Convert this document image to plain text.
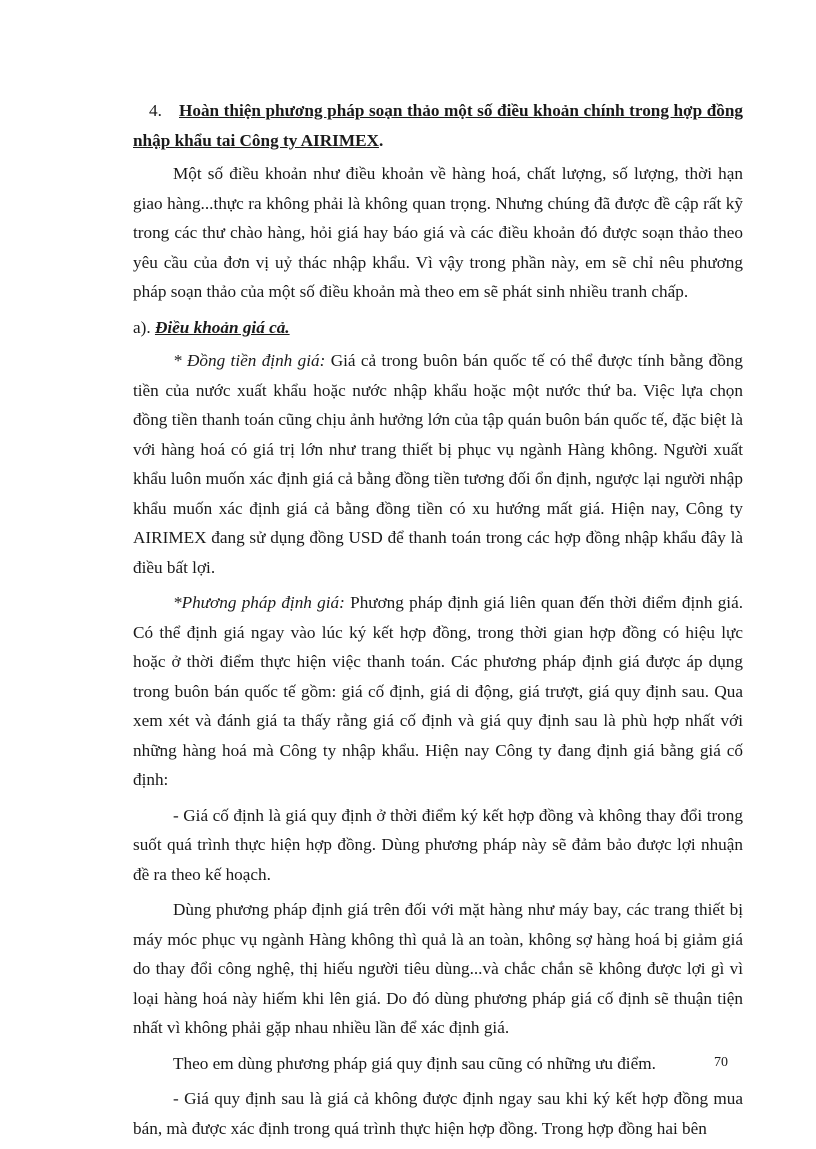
4. Hoàn thiện phương pháp soạn thảo một số điều khoản chính trong hợp đồng nhập khẩu tai Công ty AIRIMEX.

Một số điều khoản như điều khoản về hàng hoá, chất lượng, số lượng, thời hạn giao hàng...thực ra không phải là không quan trọng. Nhưng chúng đã được đề cập rất kỹ trong các thư chào hàng, hỏi giá hay báo giá và các điều khoản đó được soạn thảo theo yêu cầu của đơn vị uỷ thác nhập khẩu. Vì vậy trong phần này, em sẽ chỉ nêu phương pháp soạn thảo của một số điều khoản mà theo em sẽ phát sinh nhiều tranh chấp.

a). Điều khoản giá cả.

* Đồng tiền định giá: Giá cả trong buôn bán quốc tế có thể được tính bằng đồng tiền của nước xuất khẩu hoặc nước nhập khẩu hoặc một nước thứ ba. Việc lựa chọn đồng tiền thanh toán cũng chịu ảnh hưởng lớn của tập quán buôn bán quốc tế, đặc biệt là với hàng hoá có giá trị lớn như trang thiết bị phục vụ ngành Hàng không. Người xuất khẩu luôn muốn xác định giá cả bằng đồng tiền tương đối ổn định, ngược lại người nhập khẩu muốn xác định giá cả bằng đồng tiền có xu hướng mất giá. Hiện nay, Công ty AIRIMEX đang sử dụng đồng USD để thanh toán trong các hợp đồng nhập khẩu đây là điều bất lợi.

*Phương pháp định giá: Phương pháp định giá liên quan đến thời điểm định giá. Có thể định giá ngay vào lúc ký kết hợp đồng, trong thời gian hợp đồng có hiệu lực hoặc ở thời điểm thực hiện việc thanh toán. Các phương pháp định giá được áp dụng trong buôn bán quốc tế gồm: giá cố định, giá di động, giá trượt, giá quy định sau. Qua xem xét và đánh giá ta thấy rằng giá cố định và giá quy định sau là phù hợp nhất với những hàng hoá mà Công ty nhập khẩu. Hiện nay Công ty đang định giá bằng giá cố định:

- Giá cố định là giá quy định ở thời điểm ký kết hợp đồng và không thay đổi trong suốt quá trình thực hiện hợp đồng. Dùng phương pháp này sẽ đảm bảo được lợi nhuận đề ra theo kế hoạch.

Dùng phương pháp định giá trên đối với mặt hàng như máy bay, các trang thiết bị máy móc phục vụ ngành Hàng không thì quả là an toàn, không sợ hàng hoá bị giảm giá do thay đổi công nghệ, thị hiếu người tiêu dùng...và chắc chắn sẽ không được lợi gì vì loại hàng hoá này hiếm khi lên giá. Do đó dùng phương pháp giá cố định sẽ thuận tiện nhất vì không phải gặp nhau nhiều lần để xác định giá.

Theo em dùng phương pháp giá quy định sau cũng có những ưu điểm.

- Giá quy định sau là giá cả không được định ngay sau khi ký kết hợp đồng mua bán, mà được xác định trong quá trình thực hiện hợp đồng. Trong hợp đồng hai bên

70
